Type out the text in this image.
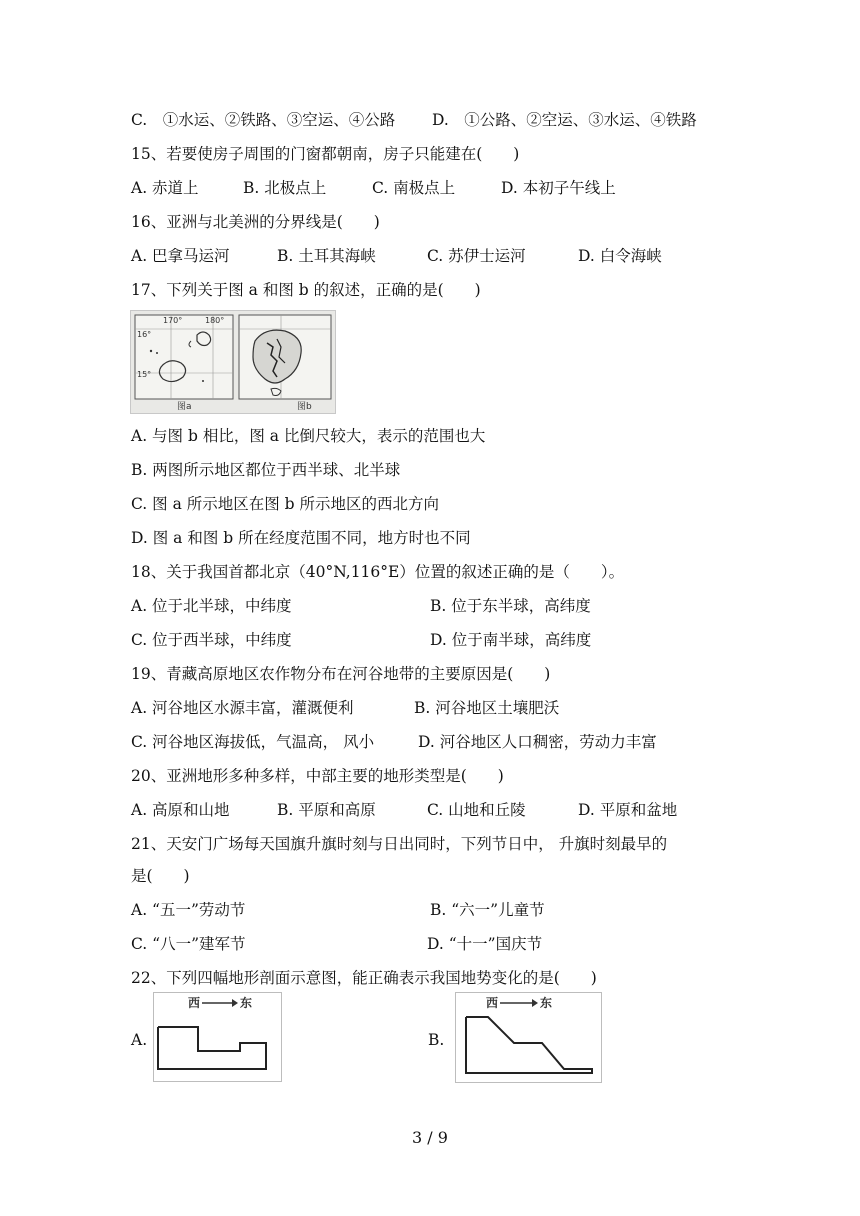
C.　①水运、②铁路、③空运、④公路 D.　①公路、②空运、③水运、④铁路
15、若要使房子周围的门窗都朝南，房子只能建在(　　)
A. 赤道上	B. 北极点上	C. 南极点上	D. 本初子午线上
16、亚洲与北美洲的分界线是(　　)
A. 巴拿马运河	B. 土耳其海峡	C. 苏伊士运河	D. 白令海峡
17、下列关于图 a 和图 b 的叙述，正确的是(　　)
170°	180°
16°
15°
图a	图b
A. 与图 b 相比，图 a 比倒尺较大，表示的范围也大
B. 两图所示地区都位于西半球、北半球
C. 图 a 所示地区在图 b 所示地区的西北方向
D. 图 a 和图 b 所在经度范围不同，地方时也不同
18、关于我国首都北京（40°N,116°E）位置的叙述正确的是（　　）。
A. 位于北半球，中纬度	B. 位于东半球，高纬度
C. 位于西半球，中纬度	D. 位于南半球，高纬度
19、青藏高原地区农作物分布在河谷地带的主要原因是(　　)
A. 河谷地区水源丰富，灌溉便利	B. 河谷地区土壤肥沃
C. 河谷地区海拔低，气温高， 风小	D. 河谷地区人口稠密，劳动力丰富
20、亚洲地形多种多样，中部主要的地形类型是(　　)
A. 高原和山地	B. 平原和高原	C. 山地和丘陵	D. 平原和盆地
21、天安门广场每天国旗升旗时刻与日出同时，下列节日中， 升旗时刻最早的
是(　　)
A. “五一”劳动节	B. “六一”儿童节
C. “八一”建军节	D. “十一”国庆节
22、下列四幅地形剖面示意图，能正确表示我国地势变化的是(　　)
A.
西	东
B.
西	东
3 / 9
